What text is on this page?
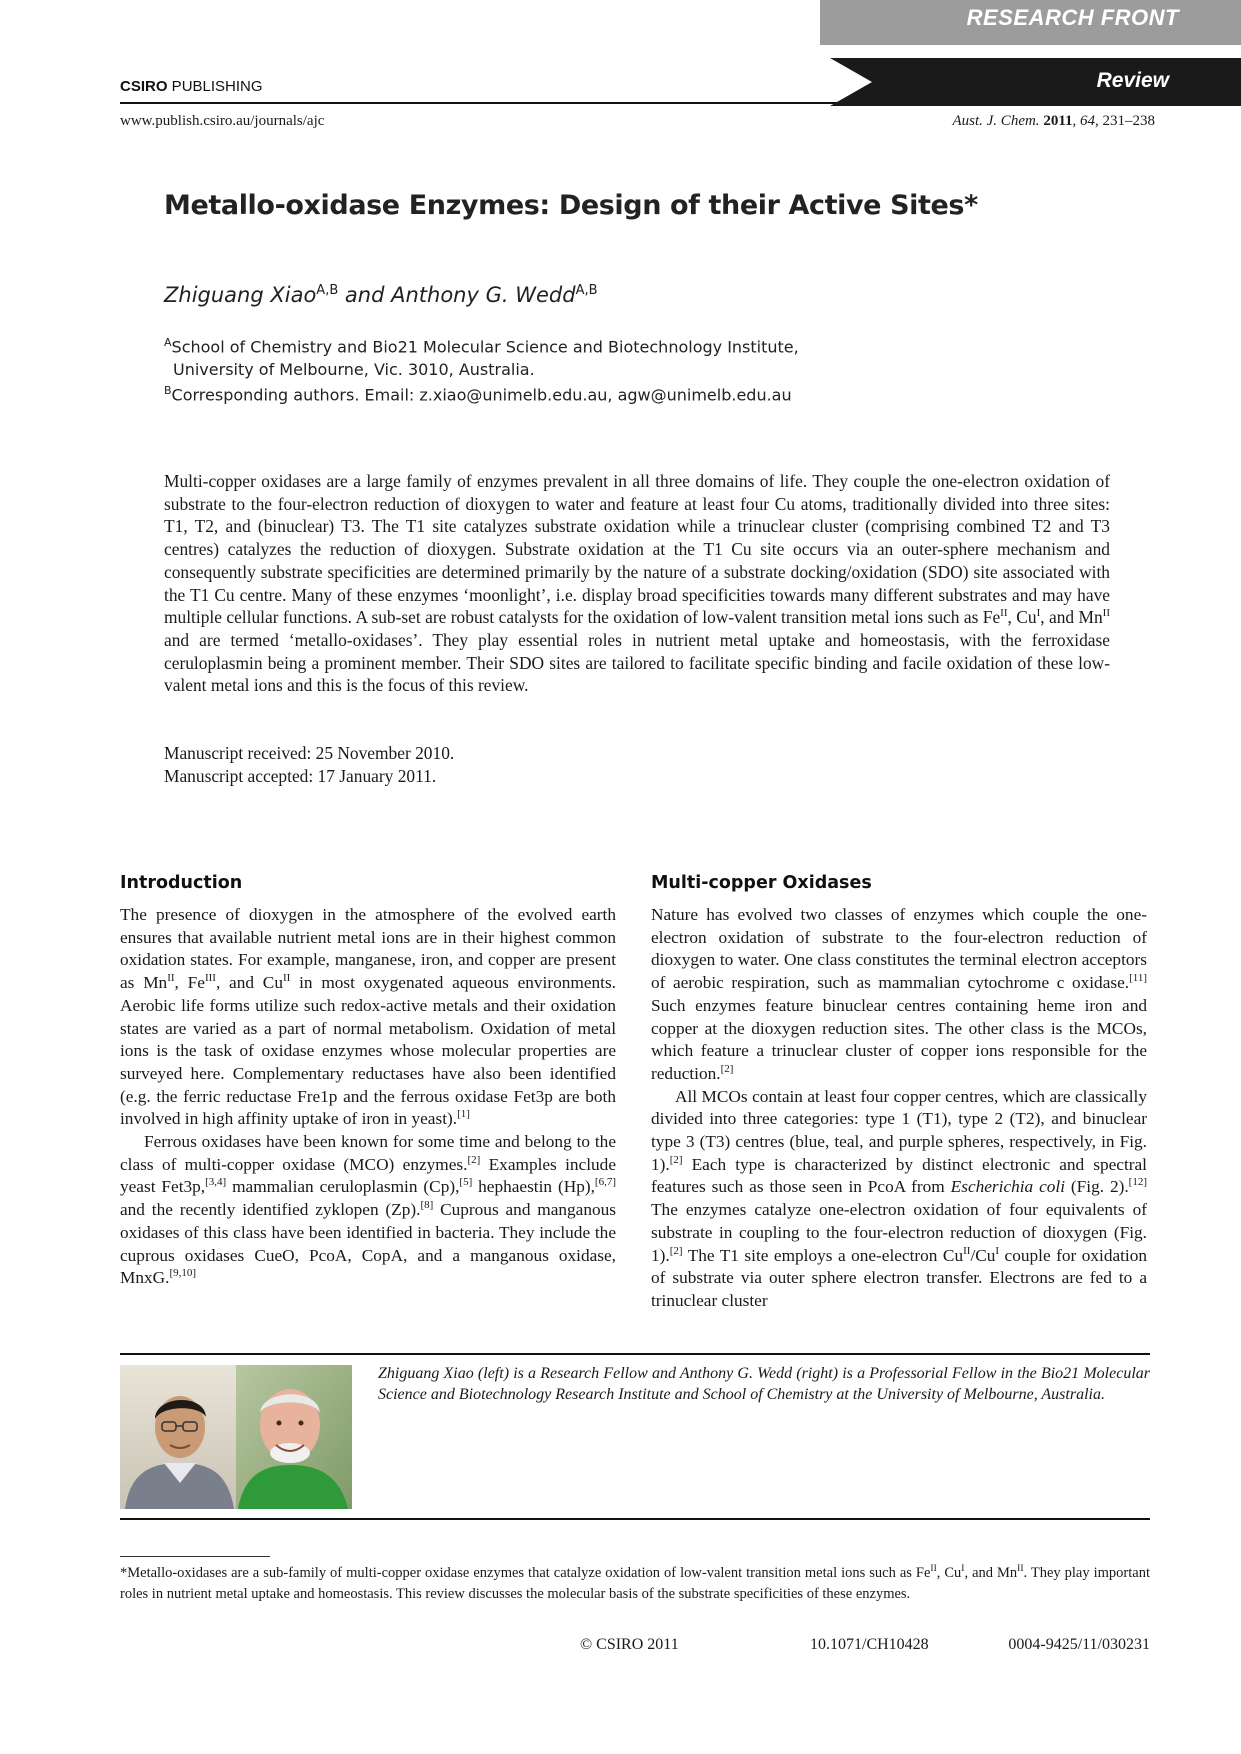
RESEARCH FRONT
CSIRO PUBLISHING	Review
www.publish.csiro.au/journals/ajc	Aust. J. Chem. 2011, 64, 231–238
Metallo-oxidase Enzymes: Design of their Active Sites*
Zhiguang Xiao$^{A,B}$ and Anthony G. Wedd$^{A,B}$
$^A$School of Chemistry and Bio21 Molecular Science and Biotechnology Institute,
University of Melbourne, Vic. 3010, Australia.
$^B$Corresponding authors. Email: z.xiao@unimelb.edu.au, agw@unimelb.edu.au
Multi-copper oxidases are a large family of enzymes prevalent in all three domains of life. They couple the one-electron oxidation of substrate to the four-electron reduction of dioxygen to water and feature at least four Cu atoms, traditionally divided into three sites: T1, T2, and (binuclear) T3. The T1 site catalyzes substrate oxidation while a trinuclear cluster (comprising combined T2 and T3 centres) catalyzes the reduction of dioxygen. Substrate oxidation at the T1 Cu site occurs via an outer-sphere mechanism and consequently substrate specificities are determined primarily by the nature of a substrate docking/oxidation (SDO) site associated with the T1 Cu centre. Many of these enzymes ‘moonlight’, i.e. display broad specificities towards many different substrates and may have multiple cellular functions. A sub-set are robust catalysts for the oxidation of low-valent transition metal ions such as $Fe^{II}$, $Cu^I$, and $Mn^{II}$ and are termed ‘metallo-oxidases’. They play essential roles in nutrient metal uptake and homeostasis, with the ferroxidase ceruloplasmin being a prominent member. Their SDO sites are tailored to facilitate specific binding and facile oxidation of these low-valent metal ions and this is the focus of this review.
Manuscript received: 25 November 2010.
Manuscript accepted: 17 January 2011.
Introduction

The presence of dioxygen in the atmosphere of the evolved earth ensures that available nutrient metal ions are in their highest common oxidation states. For example, manganese, iron, and copper are present as $Mn^{II}$, $Fe^{III}$, and $Cu^{II}$ in most oxygenated aqueous environments. Aerobic life forms utilize such redox-active metals and their oxidation states are varied as a part of normal metabolism. Oxidation of metal ions is the task of oxidase enzymes whose molecular properties are surveyed here. Complementary reductases have also been identified (e.g. the ferric reductase Fre1p and the ferrous oxidase Fet3p are both involved in high affinity uptake of iron in yeast).[1]

Ferrous oxidases have been known for some time and belong to the class of multi-copper oxidase (MCO) enzymes.[2] Examples include yeast Fet3p,[3,4] mammalian ceruloplasmin (Cp),[5] hephaestin (Hp),[6,7] and the recently identified zyklopen (Zp).[8] Cuprous and manganous oxidases of this class have been identified in bacteria. They include the cuprous oxidases CueO, PcoA, CopA, and a manganous oxidase, MnxG.[9,10]

Multi-copper Oxidases

Nature has evolved two classes of enzymes which couple the one-electron oxidation of substrate to the four-electron reduction of dioxygen to water. One class constitutes the terminal electron acceptors of aerobic respiration, such as mammalian cytochrome c oxidase.[11] Such enzymes feature binuclear centres containing heme iron and copper at the dioxygen reduction sites. The other class is the MCOs, which feature a trinuclear cluster of copper ions responsible for the reduction.[2]

All MCOs contain at least four copper centres, which are classically divided into three categories: type 1 (T1), type 2 (T2), and binuclear type 3 (T3) centres (blue, teal, and purple spheres, respectively, in Fig. 1).[2] Each type is characterized by distinct electronic and spectral features such as those seen in PcoA from Escherichia coli (Fig. 2).[12] The enzymes catalyze one-electron oxidation of four equivalents of substrate in coupling to the four-electron reduction of dioxygen (Fig. 1).[2] The T1 site employs a one-electron $Cu^{II}/Cu^I$ couple for oxidation of substrate via outer sphere electron transfer. Electrons are fed to a trinuclear cluster

Zhiguang Xiao (left) is a Research Fellow and Anthony G. Wedd (right) is a Professorial Fellow in the Bio21 Molecular Science and Biotechnology Research Institute and School of Chemistry at the University of Melbourne, Australia.
*Metallo-oxidases are a sub-family of multi-copper oxidase enzymes that catalyze oxidation of low-valent transition metal ions such as $Fe^{II}$, $Cu^I$, and $Mn^{II}$. They play important roles in nutrient metal uptake and homeostasis. This review discusses the molecular basis of the substrate specificities of these enzymes.
© CSIRO 2011	10.1071/CH10428	0004-9425/11/030231
